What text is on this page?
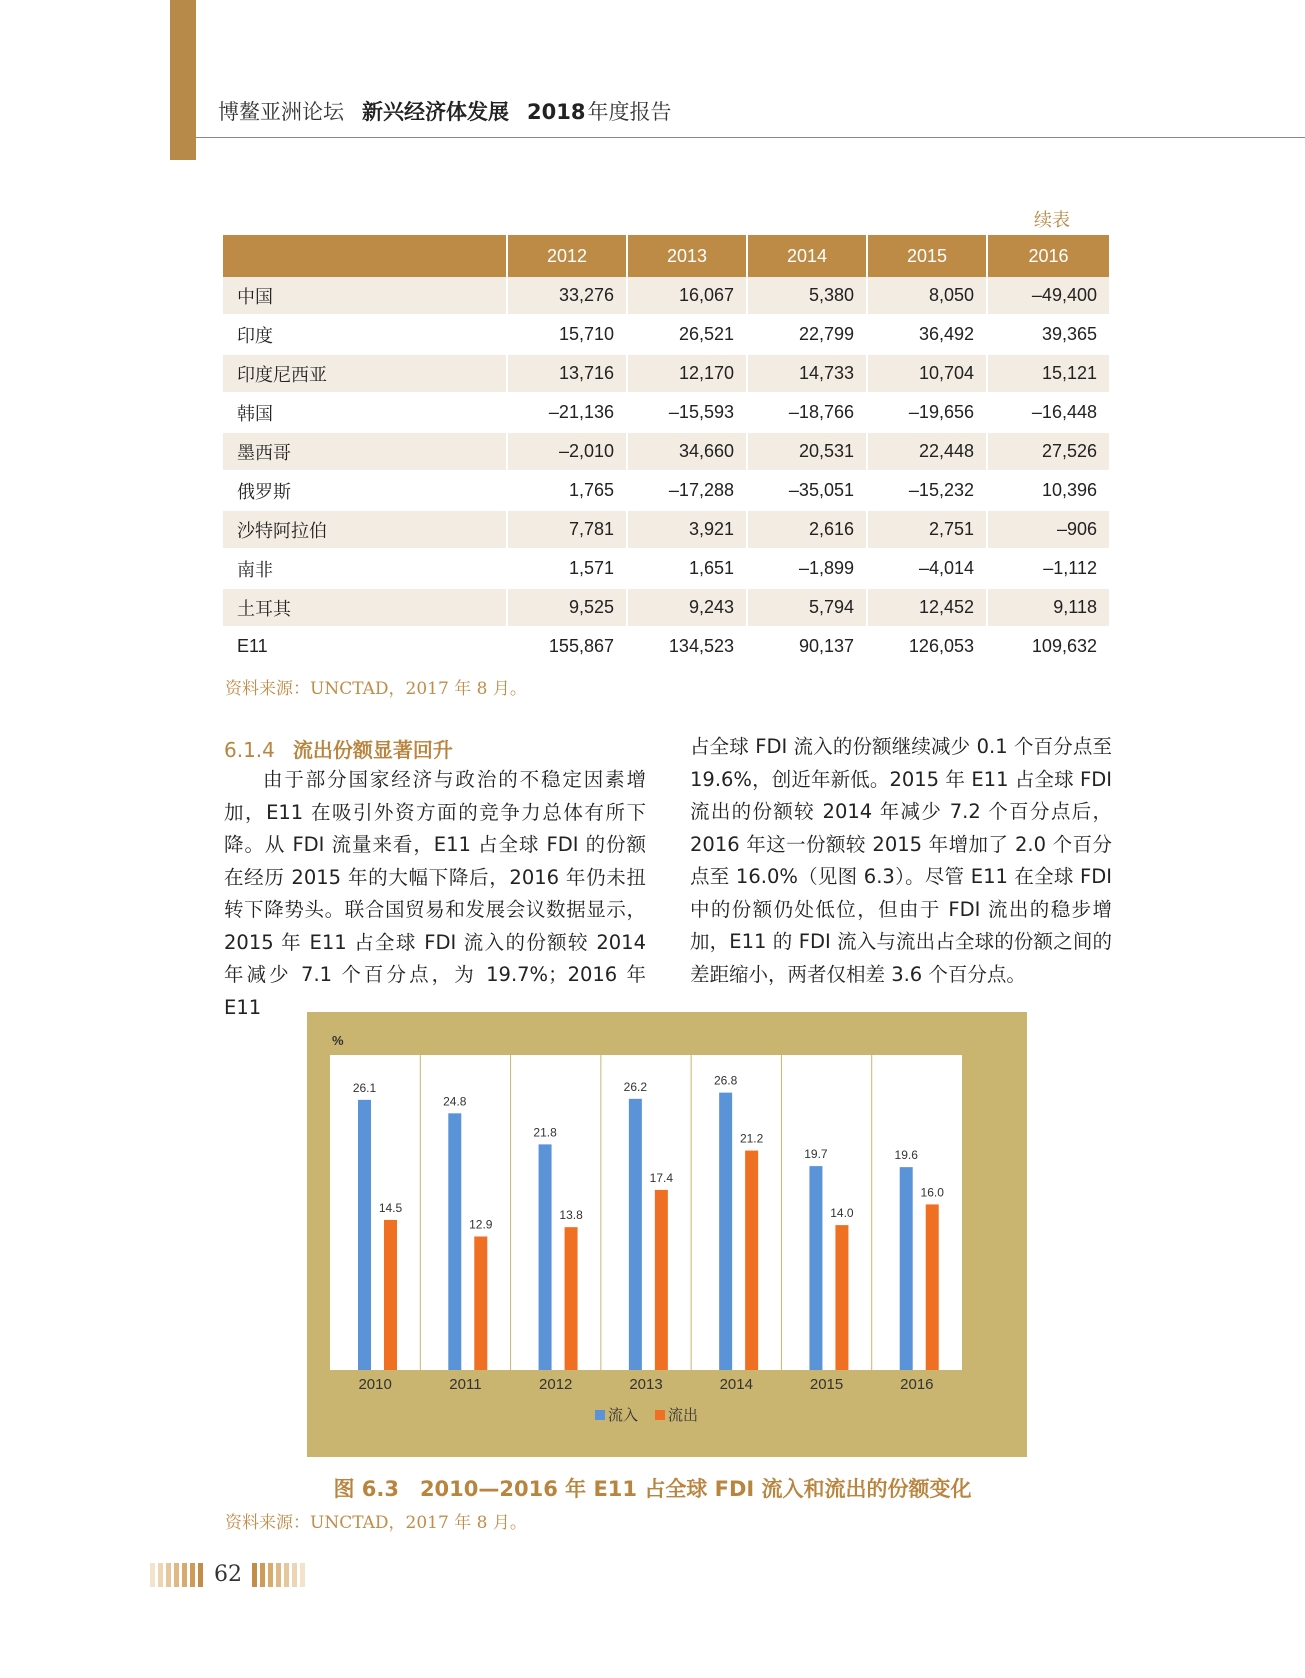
博鳌亚洲论坛 新兴经济体发展 2018年度报告
续表
	2012	2013	2014	2015	2016
中国	33,276	16,067	5,380	8,050	–49,400
印度	15,710	26,521	22,799	36,492	39,365
印度尼西亚	13,716	12,170	14,733	10,704	15,121
韩国	–21,136	–15,593	–18,766	–19,656	–16,448
墨西哥	–2,010	34,660	20,531	22,448	27,526
俄罗斯	1,765	–17,288	–35,051	–15,232	10,396
沙特阿拉伯	7,781	3,921	2,616	2,751	–906
南非	1,571	1,651	–1,899	–4,014	–1,112
土耳其	9,525	9,243	5,794	12,452	9,118
E11	155,867	134,523	90,137	126,053	109,632
资料来源：UNCTAD，2017 年 8 月。
6.1.4 流出份额显著回升
由于部分国家经济与政治的不稳定因素增加，E11 在吸引外资方面的竞争力总体有所下降。从 FDI 流量来看，E11 占全球 FDI 的份额在经历 2015 年的大幅下降后，2016 年仍未扭转下降势头。联合国贸易和发展会议数据显示，2015 年 E11 占全球 FDI 流入的份额较 2014 年减少 7.1 个百分点，为 19.7%；2016 年 E11
占全球 FDI 流入的份额继续减少 0.1 个百分点至 19.6%，创近年新低。2015 年 E11 占全球 FDI 流出的份额较 2014 年减少 7.2 个百分点后，2016 年这一份额较 2015 年增加了 2.0 个百分点至 16.0%（见图 6.3）。尽管 E11 在全球 FDI 中的份额仍处低位，但由于 FDI 流出的稳步增加，E11 的 FDI 流入与流出占全球的份额之间的差距缩小，两者仅相差 3.6 个百分点。
%
26.1
14.5
2010
24.8
12.9
2011
21.8
13.8
2012
26.2
17.4
2013
26.8
21.2
2014
19.7
14.0
2015
19.6
16.0
2016
流入 流出
图 6.3　2010—2016 年 E11 占全球 FDI 流入和流出的份额变化
资料来源：UNCTAD，2017 年 8 月。
62
